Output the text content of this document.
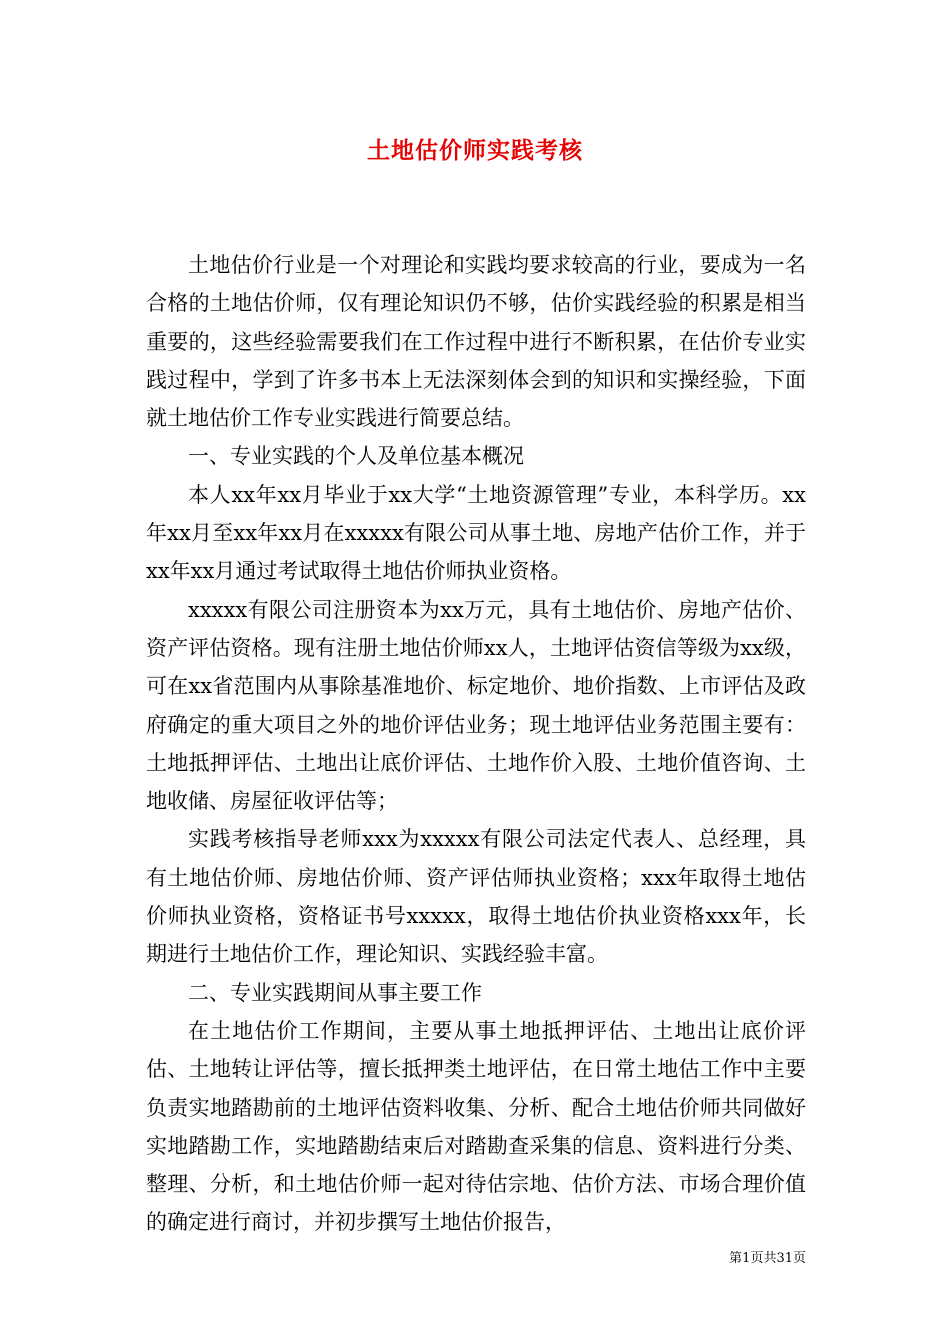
土地估价师实践考核

土地估价行业是一个对理论和实践均要求较高的行业，要成为一名合格的土地估价师，仅有理论知识仍不够，估价实践经验的积累是相当重要的，这些经验需要我们在工作过程中进行不断积累，在估价专业实践过程中，学到了许多书本上无法深刻体会到的知识和实操经验，下面就土地估价工作专业实践进行简要总结。

一、专业实践的个人及单位基本概况

本人xx年xx月毕业于xx大学“土地资源管理”专业，本科学历。xx年xx月至xx年xx月在xxxxx有限公司从事土地、房地产估价工作，并于xx年xx月通过考试取得土地估价师执业资格。

xxxxx有限公司注册资本为xx万元，具有土地估价、房地产估价、资产评估资格。现有注册土地估价师xx人，土地评估资信等级为xx级，可在xx省范围内从事除基准地价、标定地价、地价指数、上市评估及政府确定的重大项目之外的地价评估业务；现土地评估业务范围主要有：土地抵押评估、土地出让底价评估、土地作价入股、土地价值咨询、土地收储、房屋征收评估等；

实践考核指导老师xxx为xxxxx有限公司法定代表人、总经理，具有土地估价师、房地估价师、资产评估师执业资格；xxx年取得土地估价师执业资格，资格证书号xxxxx，取得土地估价执业资格xxx年，长期进行土地估价工作，理论知识、实践经验丰富。

二、专业实践期间从事主要工作

在土地估价工作期间，主要从事土地抵押评估、土地出让底价评估、土地转让评估等，擅长抵押类土地评估，在日常土地估工作中主要负责实地踏勘前的土地评估资料收集、分析、配合土地估价师共同做好实地踏勘工作，实地踏勘结束后对踏勘查采集的信息、资料进行分类、整理、分析，和土地估价师一起对待估宗地、估价方法、市场合理价值的确定进行商讨，并初步撰写土地估价报告，

第1页共31页
